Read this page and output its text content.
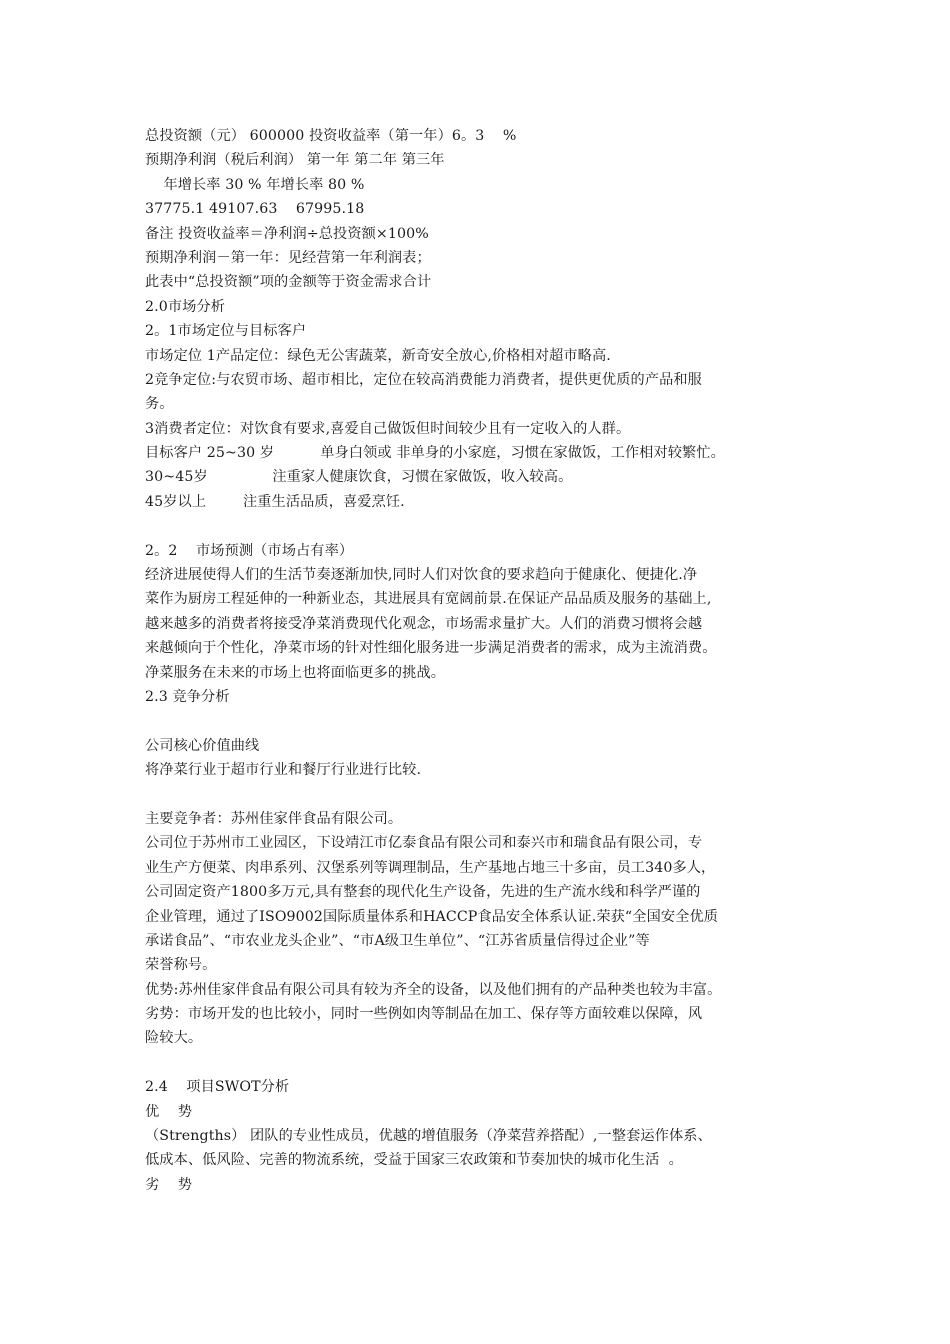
总投资额（元） 600000 投资收益率（第一年）6。3    %
预期净利润（税后利润） 第一年 第二年 第三年
年增长率 30 % 年增长率 80 %
37775.1 49107.63    67995.18
备注 投资收益率＝净利润÷总投资额×100%
预期净利润－第一年：见经营第一年利润表；
此表中“总投资额”项的金额等于资金需求合计
2.0市场分析
2。1市场定位与目标客户
市场定位 1产品定位：绿色无公害蔬菜，新奇安全放心,价格相对超市略高.
2竞争定位:与农贸市场、超市相比，定位在较高消费能力消费者，提供更优质的产品和服
务。
3消费者定位：对饮食有要求,喜爱自己做饭但时间较少且有一定收入的人群。
目标客户 25~30 岁          单身白领或 非单身的小家庭，习惯在家做饭，工作相对较繁忙。
30~45岁              注重家人健康饮食，习惯在家做饭，收入较高。
45岁以上        注重生活品质，喜爱烹饪.
2。2    市场预测（市场占有率）
经济进展使得人们的生活节奏逐渐加快,同时人们对饮食的要求趋向于健康化、便捷化.净
菜作为厨房工程延伸的一种新业态，其进展具有宽阔前景.在保证产品品质及服务的基础上,
越来越多的消费者将接受净菜消费现代化观念，市场需求量扩大。人们的消费习惯将会越
来越倾向于个性化，净菜市场的针对性细化服务进一步满足消费者的需求，成为主流消费。
净菜服务在未来的市场上也将面临更多的挑战。
2.3 竞争分析
公司核心价值曲线
将净菜行业于超市行业和餐厅行业进行比较.
主要竞争者：苏州佳家伴食品有限公司。
公司位于苏州市工业园区，下设靖江市亿泰食品有限公司和泰兴市和瑞食品有限公司，专
业生产方便菜、肉串系列、汉堡系列等调理制品，生产基地占地三十多亩，员工340多人，
公司固定资产1800多万元,具有整套的现代化生产设备，先进的生产流水线和科学严谨的
企业管理，通过了ISO9002国际质量体系和HACCP食品安全体系认证.荣获“全国安全优质
承诺食品”、“市农业龙头企业”、“市A级卫生单位”、“江苏省质量信得过企业”等
荣誉称号。
优势:苏州佳家伴食品有限公司具有较为齐全的设备，以及他们拥有的产品种类也较为丰富。
劣势：市场开发的也比较小，同时一些例如肉等制品在加工、保存等方面较难以保障，风
险较大。
2.4    项目SWOT分析
优    势
（Strengths） 团队的专业性成员，优越的增值服务（净菜营养搭配）,一整套运作体系、
低成本、低风险、完善的物流系统，受益于国家三农政策和节奏加快的城市化生活  。
劣    势
